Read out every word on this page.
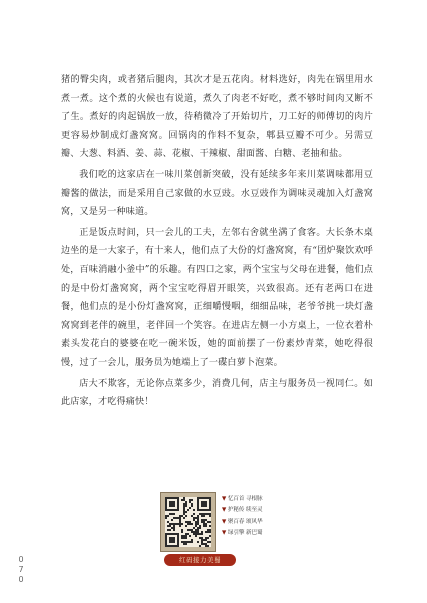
猪的臀尖肉，或者猪后腿肉，其次才是五花肉。材料选好，肉先在锅里用水煮一煮。这个煮的火候也有说道，煮久了肉老不好吃，煮不够时间肉又断不了生。煮好的肉起锅放一放，待稍微冷了开始切片，刀工好的师傅切的肉片更容易炒制成灯盏窝窝。回锅肉的作料不复杂，郫县豆瓣不可少。另需豆瓣、大葱、料酒、姜、蒜、花椒、干辣椒、甜面酱、白糖、老抽和盐。

我们吃的这家店在一味川菜创新突破，没有延续多年来川菜调味都用豆瓣酱的做法，而是采用自己家做的水豆豉。水豆豉作为调味灵魂加入灯盏窝窝，又是另一种味道。

正是饭点时间，只一会儿的工夫，左邻右舍就坐满了食客。大长条木桌边坐的是一大家子，有十来人，他们点了大份的灯盏窝窝，有“团炉聚饮欢呼处，百味消融小釜中”的乐趣。有四口之家，两个宝宝与父母在进餐，他们点的是中份灯盏窝窝，两个宝宝吃得眉开眼笑，兴致很高。还有老两口在进餐，他们点的是小份灯盏窝窝，正细嚼慢咽，细细品味，老爷爷挑一块灯盏窝窝到老伴的碗里，老伴回一个笑容。在进店左侧一小方桌上，一位衣着朴素头发花白的婆婆在吃一碗米饭，她的面前摆了一份素炒青菜，她吃得很慢，过了一会儿，服务员为她端上了一碟白萝卜泡菜。

店大不欺客，无论你点菜多少，消费几何，店主与服务员一视同仁。如此店家，才吃得痛快！

▼ 忆百首 寻根脉
▼ 护秘传 续至灵
▼ 聚百春 颂风华
▼ 绿引擎 新巴蜀
红码接力美蜀
0
7
0
